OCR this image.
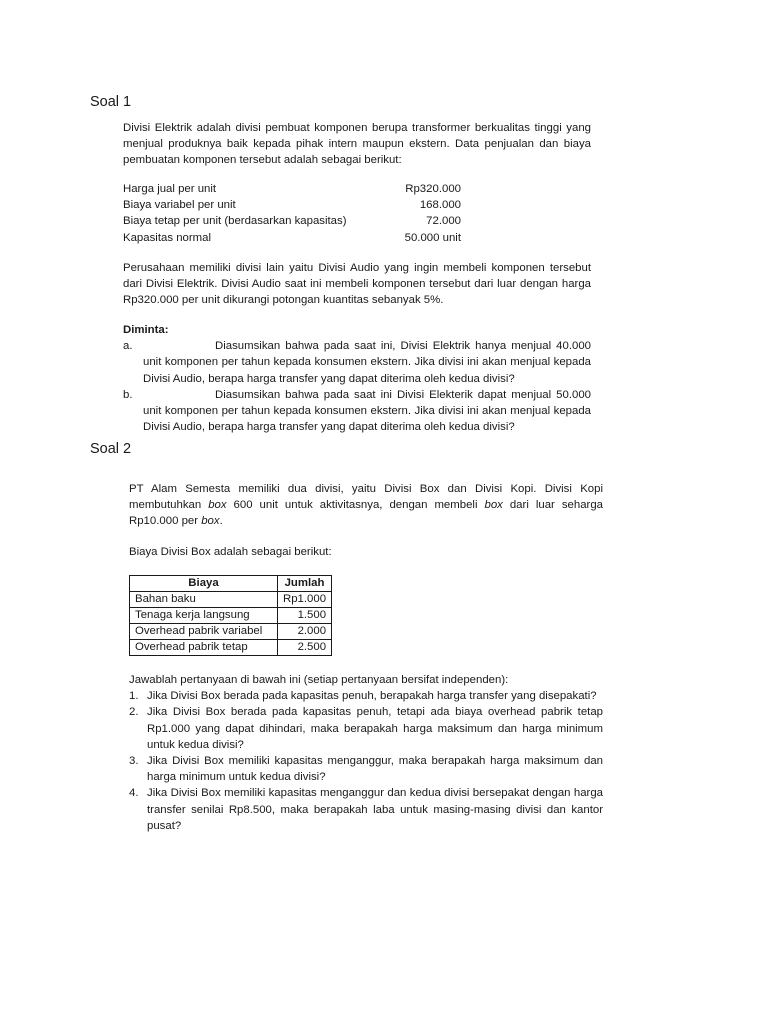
Soal 1

Divisi Elektrik adalah divisi pembuat komponen berupa transformer berkualitas tinggi yang menjual produknya baik kepada pihak intern maupun ekstern. Data penjualan dan biaya pembuatan komponen tersebut adalah sebagai berikut:

Harga jual per unit	Rp320.000
Biaya variabel per unit	168.000
Biaya tetap per unit (berdasarkan kapasitas)	72.000
Kapasitas normal	50.000 unit

Perusahaan memiliki divisi lain yaitu Divisi Audio yang ingin membeli komponen tersebut dari Divisi Elektrik. Divisi Audio saat ini membeli komponen tersebut dari luar dengan harga Rp320.000 per unit dikurangi potongan kuantitas sebanyak 5%.

Diminta:

a.	Diasumsikan bahwa pada saat ini, Divisi Elektrik hanya menjual 40.000

unit komponen per tahun kepada konsumen ekstern. Jika divisi ini akan menjual kepada Divisi Audio, berapa harga transfer yang dapat diterima oleh kedua divisi?

b.	Diasumsikan bahwa pada saat ini Divisi Elekterik dapat menjual 50.000

unit komponen per tahun kepada konsumen ekstern. Jika divisi ini akan menjual kepada Divisi Audio, berapa harga transfer yang dapat diterima oleh kedua divisi?

Soal 2

PT Alam Semesta memiliki dua divisi, yaitu Divisi Box dan Divisi Kopi. Divisi Kopi membutuhkan box 600 unit untuk aktivitasnya, dengan membeli box dari luar seharga Rp10.000 per box.

Biaya Divisi Box adalah sebagai berikut:

Biaya	Jumlah
Bahan baku	Rp1.000
Tenaga kerja langsung	1.500
Overhead pabrik variabel	2.000
Overhead pabrik tetap	2.500

Jawablah pertanyaan di bawah ini (setiap pertanyaan bersifat independen):

1. Jika Divisi Box berada pada kapasitas penuh, berapakah harga transfer yang disepakati?
2. Jika Divisi Box berada pada kapasitas penuh, tetapi ada biaya overhead pabrik tetap Rp1.000 yang dapat dihindari, maka berapakah harga maksimum dan harga minimum untuk kedua divisi?
3. Jika Divisi Box memiliki kapasitas menganggur, maka berapakah harga maksimum dan harga minimum untuk kedua divisi?
4. Jika Divisi Box memiliki kapasitas menganggur dan kedua divisi bersepakat dengan harga transfer senilai Rp8.500, maka berapakah laba untuk masing-masing divisi dan kantor pusat?
